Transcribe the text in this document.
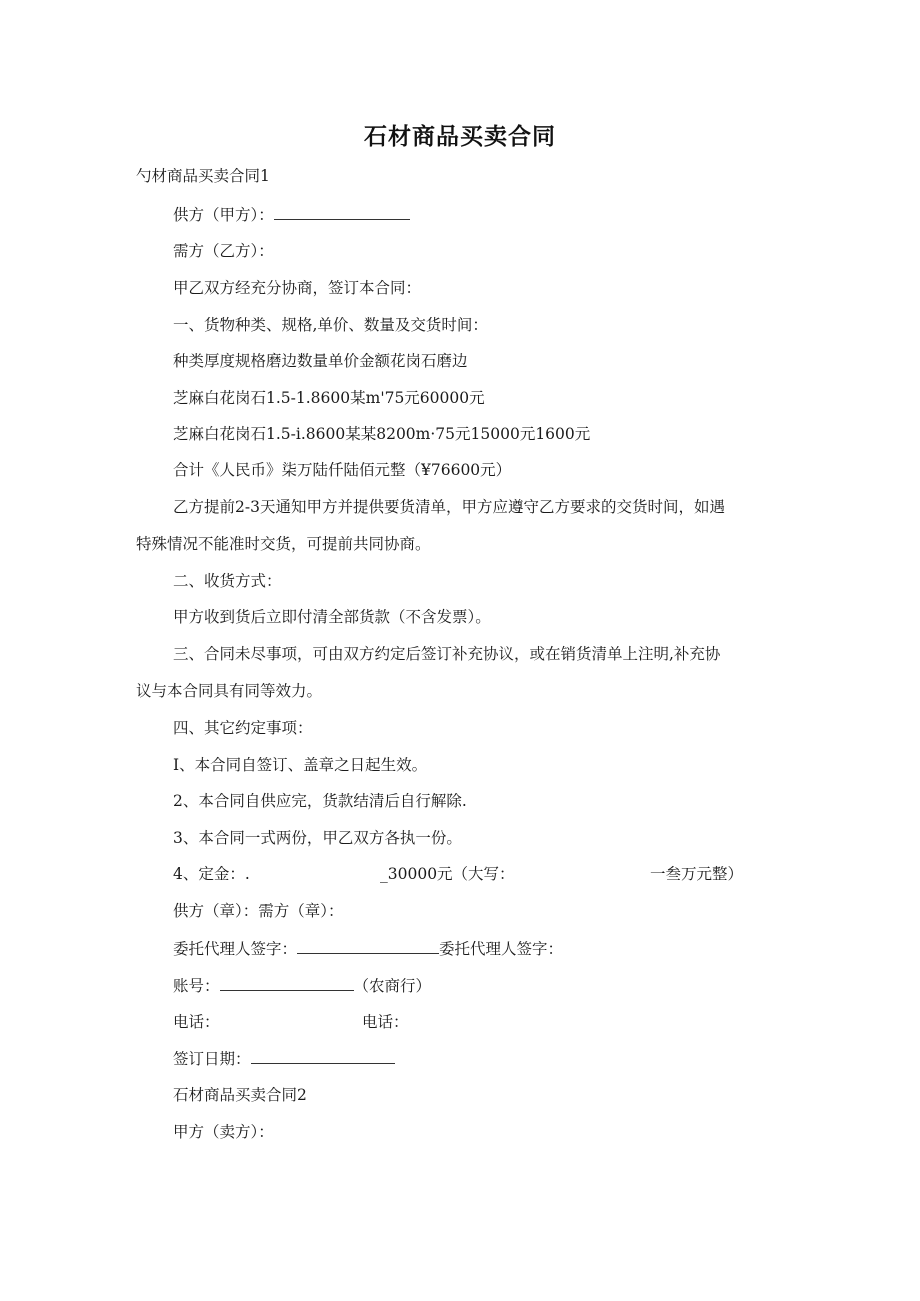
石材商品买卖合同
勺材商品买卖合同1
供方（甲方）：
需方（乙方）：
甲乙双方经充分协商，签订本合同：
一、货物种类、规格,单价、数量及交货时间：
种类厚度规格磨边数量单价金额花岗石磨边
芝麻白花岗石1.5-1.8600某m'75元60000元
芝麻白花岗石1.5-i.8600某某8200m·75元15000元1600元
合计《人民币》柒万陆仟陆佰元整（¥76600元）
乙方提前2-3天通知甲方并提供要货清单，甲方应遵守乙方要求的交货时间，如遇
特殊情况不能准时交货，可提前共同协商。
二、收货方式：
甲方收到货后立即付清全部货款（不含发票）。
三、合同未尽事项，可由双方约定后签订补充协议，或在销货清单上注明,补充协
议与本合同具有同等效力。
四、其它约定事项：
I、本合同自签订、盖章之日起生效。
2、本合同自供应完，货款结清后自行解除.
3、本合同一式两份，甲乙双方各执一份。
4、定金：.	_30000元（大写：	一叁万元整）
供方（章）：需方（章）：
委托代理人签字：	委托代理人签字：
账号：	（农商行）
电话：	电话：
签订日期：
石材商品买卖合同2
甲方（卖方）：
